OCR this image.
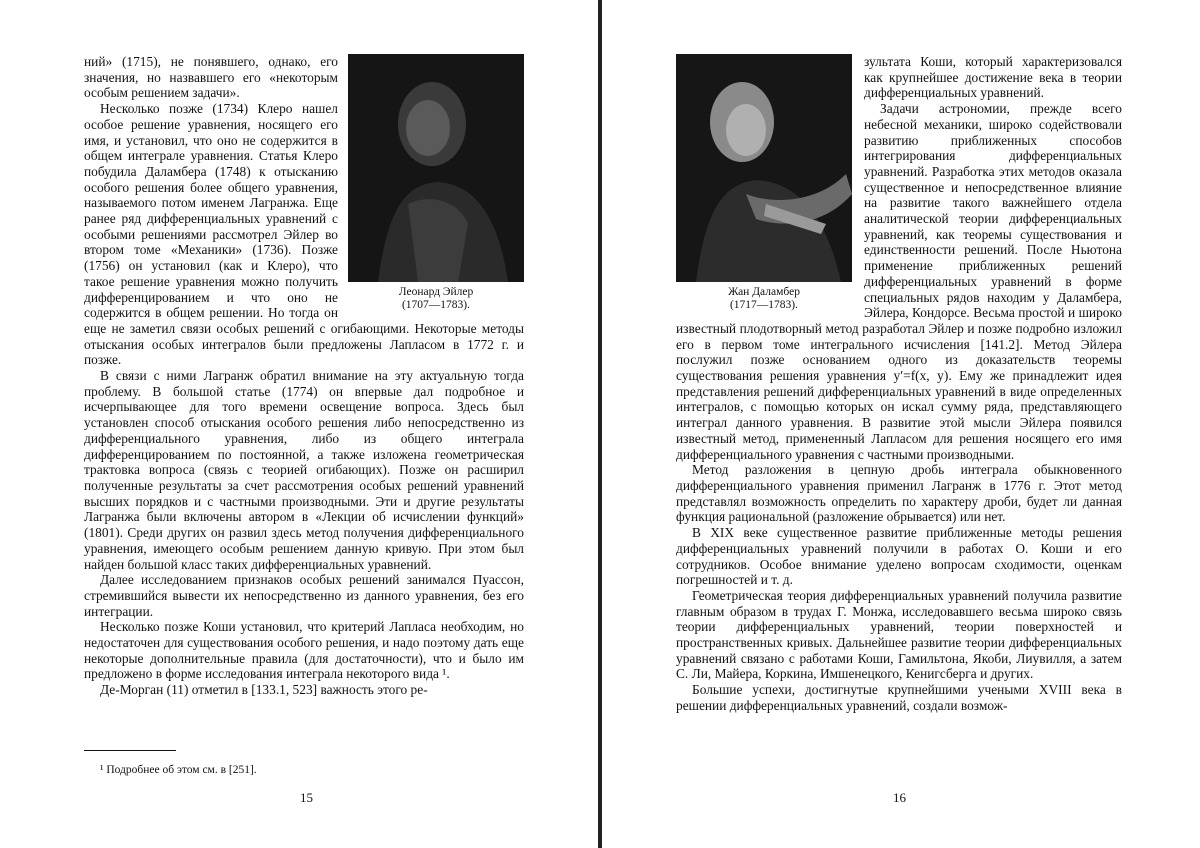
Леонард Эйлер
(1707—1783).

ний» (1715), не понявшего, однако, его значения, но назвавшего его «некоторым особым решением задачи».

Несколько позже (1734) Клеро нашел особое решение уравнения, носящего его имя, и установил, что оно не содержится в общем интеграле уравнения. Статья Клеро побудила Даламбера (1748) к отысканию особого решения более общего уравнения, называемого потом именем Лагранжа. Еще ранее ряд дифференциальных уравнений с особыми решениями рассмотрел Эйлер во втором томе «Механики» (1736). Позже (1756) он установил (как и Клеро), что такое решение уравнения можно получить дифференцированием и что оно не содержится в общем решении. Но тогда он еще не заметил связи особых решений с огибающими. Некоторые методы отыскания особых интегралов были предложены Лапласом в 1772 г. и позже.

В связи с ними Лагранж обратил внимание на эту актуальную тогда проблему. В большой статье (1774) он впервые дал подробное и исчерпывающее для того времени освещение вопроса. Здесь был установлен способ отыскания особого решения либо непосредственно из дифференциального уравнения, либо из общего интеграла дифференцированием по постоянной, а также изложена геометрическая трактовка вопроса (связь с теорией огибающих). Позже он расширил полученные результаты за счет рассмотрения особых решений уравнений высших порядков и с частными производными. Эти и другие результаты Лагранжа были включены автором в «Лекции об исчислении функций» (1801). Среди других он развил здесь метод получения дифференциального уравнения, имеющего особым решением данную кривую. При этом был найден большой класс таких дифференциальных уравнений.

Далее исследованием признаков особых решений занимался Пуассон, стремившийся вывести их непосредственно из данного уравнения, без его интеграции.

Несколько позже Коши установил, что критерий Лапласа необходим, но недостаточен для существования особого решения, и надо поэтому дать еще некоторые дополнительные правила (для достаточности), что и было им предложено в форме исследования интеграла некоторого вида ¹.

Де-Морган (11) отметил в [133.1, 523] важность этого ре-

¹ Подробнее об этом см. в [251].
15
Жан Даламбер
(1717—1783).

зультата Коши, который характеризовался как крупнейшее достижение века в теории дифференциальных уравнений.

Задачи астрономии, прежде всего небесной механики, широко содействовали развитию приближенных способов интегрирования дифференциальных уравнений. Разработка этих методов оказала существенное и непосредственное влияние на развитие такого важнейшего отдела аналитической теории дифференциальных уравнений, как теоремы существования и единственности решений. После Ньютона применение приближенных решений дифференциальных уравнений в форме специальных рядов находим у Даламбера, Эйлера, Кондорсе. Весьма простой и широко известный плодотворный метод разработал Эйлер и позже подробно изложил его в первом томе интегрального исчисления [141.2]. Метод Эйлера послужил позже основанием одного из доказательств теоремы существования решения уравнения y′=f(x, y). Ему же принадлежит идея представления решений дифференциальных уравнений в виде определенных интегралов, с помощью которых он искал сумму ряда, представляющего интеграл данного уравнения. В развитие этой мысли Эйлера появился известный метод, примененный Лапласом для решения носящего его имя дифференциального уравнения с частными производными.

Метод разложения в цепную дробь интеграла обыкновенного дифференциального уравнения применил Лагранж в 1776 г. Этот метод представлял возможность определить по характеру дроби, будет ли данная функция рациональной (разложение обрывается) или нет.

В XIX веке существенное развитие приближенные методы решения дифференциальных уравнений получили в работах О. Коши и его сотрудников. Особое внимание уделено вопросам сходимости, оценкам погрешностей и т. д.

Геометрическая теория дифференциальных уравнений получила развитие главным образом в трудах Г. Монжа, исследовавшего весьма широко связь теории дифференциальных уравнений, теории поверхностей и пространственных кривых. Дальнейшее развитие теории дифференциальных уравнений связано с работами Коши, Гамильтона, Якоби, Лиувилля, а затем С. Ли, Майера, Коркина, Имшенецкого, Кенигсберга и других.

Большие успехи, достигнутые крупнейшими учеными XVIII века в решении дифференциальных уравнений, создали возмож-

16
